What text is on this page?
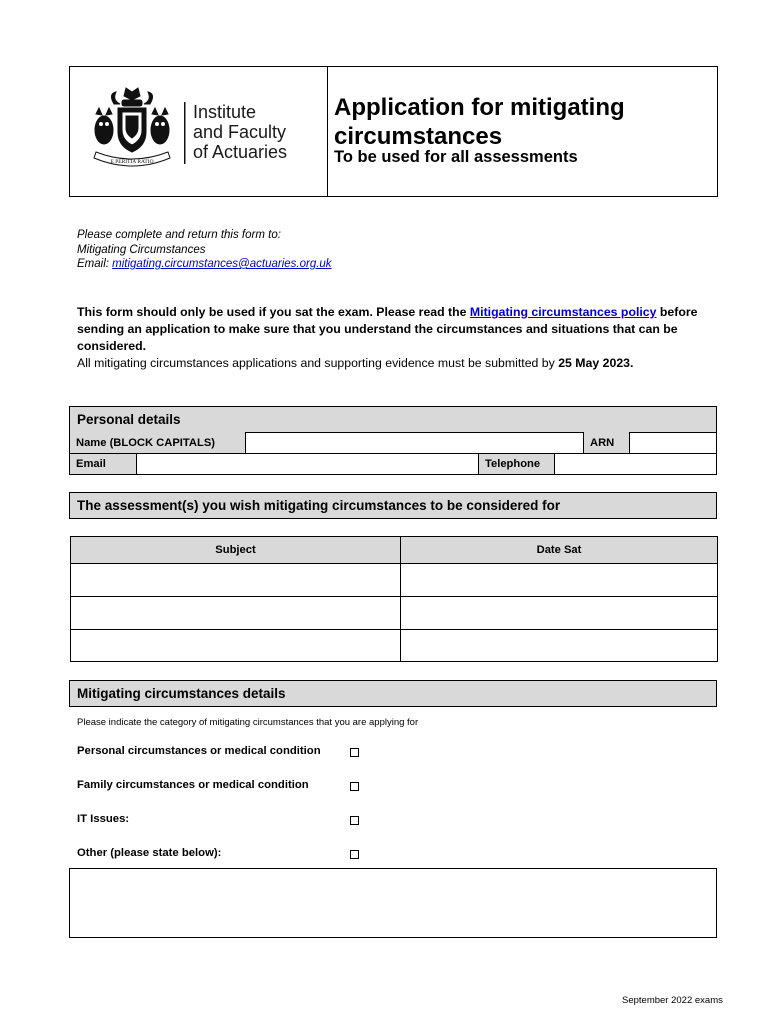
E PERITIA RATIO
Institute
and Faculty
of Actuaries
Application for mitigating
circumstances
To be used for all assessments
Please complete and return this form to:
Mitigating Circumstances
Email: mitigating.circumstances@actuaries.org.uk
This form should only be used if you sat the exam. Please read the Mitigating circumstances policy before sending an application to make sure that you understand the circumstances and situations that can be considered.
All mitigating circumstances applications and supporting evidence must be submitted by 25 May 2023.
Personal details
Name (BLOCK CAPITALS)	ARN
Email	Telephone
The assessment(s) you wish mitigating circumstances to be considered for
Subject	Date Sat
Mitigating circumstances details
Please indicate the category of mitigating circumstances that you are applying for
Personal circumstances or medical condition
Family circumstances or medical condition
IT Issues:
Other (please state below):
September 2022 exams
